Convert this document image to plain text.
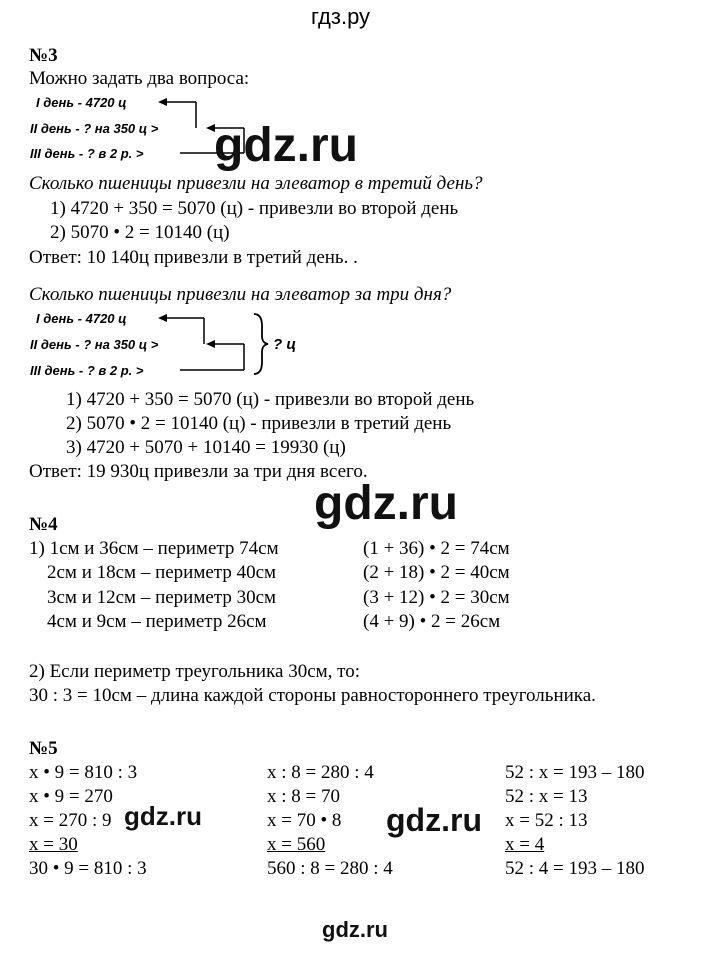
гдз.ру
№3
Можно задать два вопроса:
I день - 4720 ц
II день - ? на 350 ц >
III день - ? в 2 р. >
Сколько пшеницы привезли на элеватор в третий день?
1) 4720 + 350 = 5070 (ц) - привезли во второй день
2) 5070 • 2 = 10140 (ц)
Ответ: 10 140ц привезли в третий день. .
Сколько пшеницы привезли на элеватор за три дня?
I день - 4720 ц
II день - ? на 350 ц >
III день - ? в 2 р. >
? ц
1) 4720 + 350 = 5070 (ц) - привезли во второй день
2) 5070 • 2 = 10140 (ц) - привезли в третий день
3) 4720 + 5070 + 10140 = 19930 (ц)
Ответ: 19 930ц привезли за три дня всего.
№4
1) 1см и 36см – периметр 74см	(1 + 36) • 2 = 74см
2см и 18см – периметр 40см	(2 + 18) • 2 = 40см
3см и 12см – периметр 30см	(3 + 12) • 2 = 30см
4см и 9см – периметр 26см	(4 + 9) • 2 = 26см
2) Если периметр треугольника 30см, то:
30 : 3 = 10см – длина каждой стороны равностороннего треугольника.
№5
x • 9 = 810 : 3
x • 9 = 270
x = 270 : 9
x = 30
30 • 9 = 810 : 3
x : 8 = 280 : 4
x : 8 = 70
x = 70 • 8
x = 560
560 : 8 = 280 : 4
52 : x = 193 – 180
52 : x = 13
x = 52 : 13
x = 4
52 : 4 = 193 – 180
gdz.ru
gdz.ru
gdz.ru	gdz.ru
gdz.ru
